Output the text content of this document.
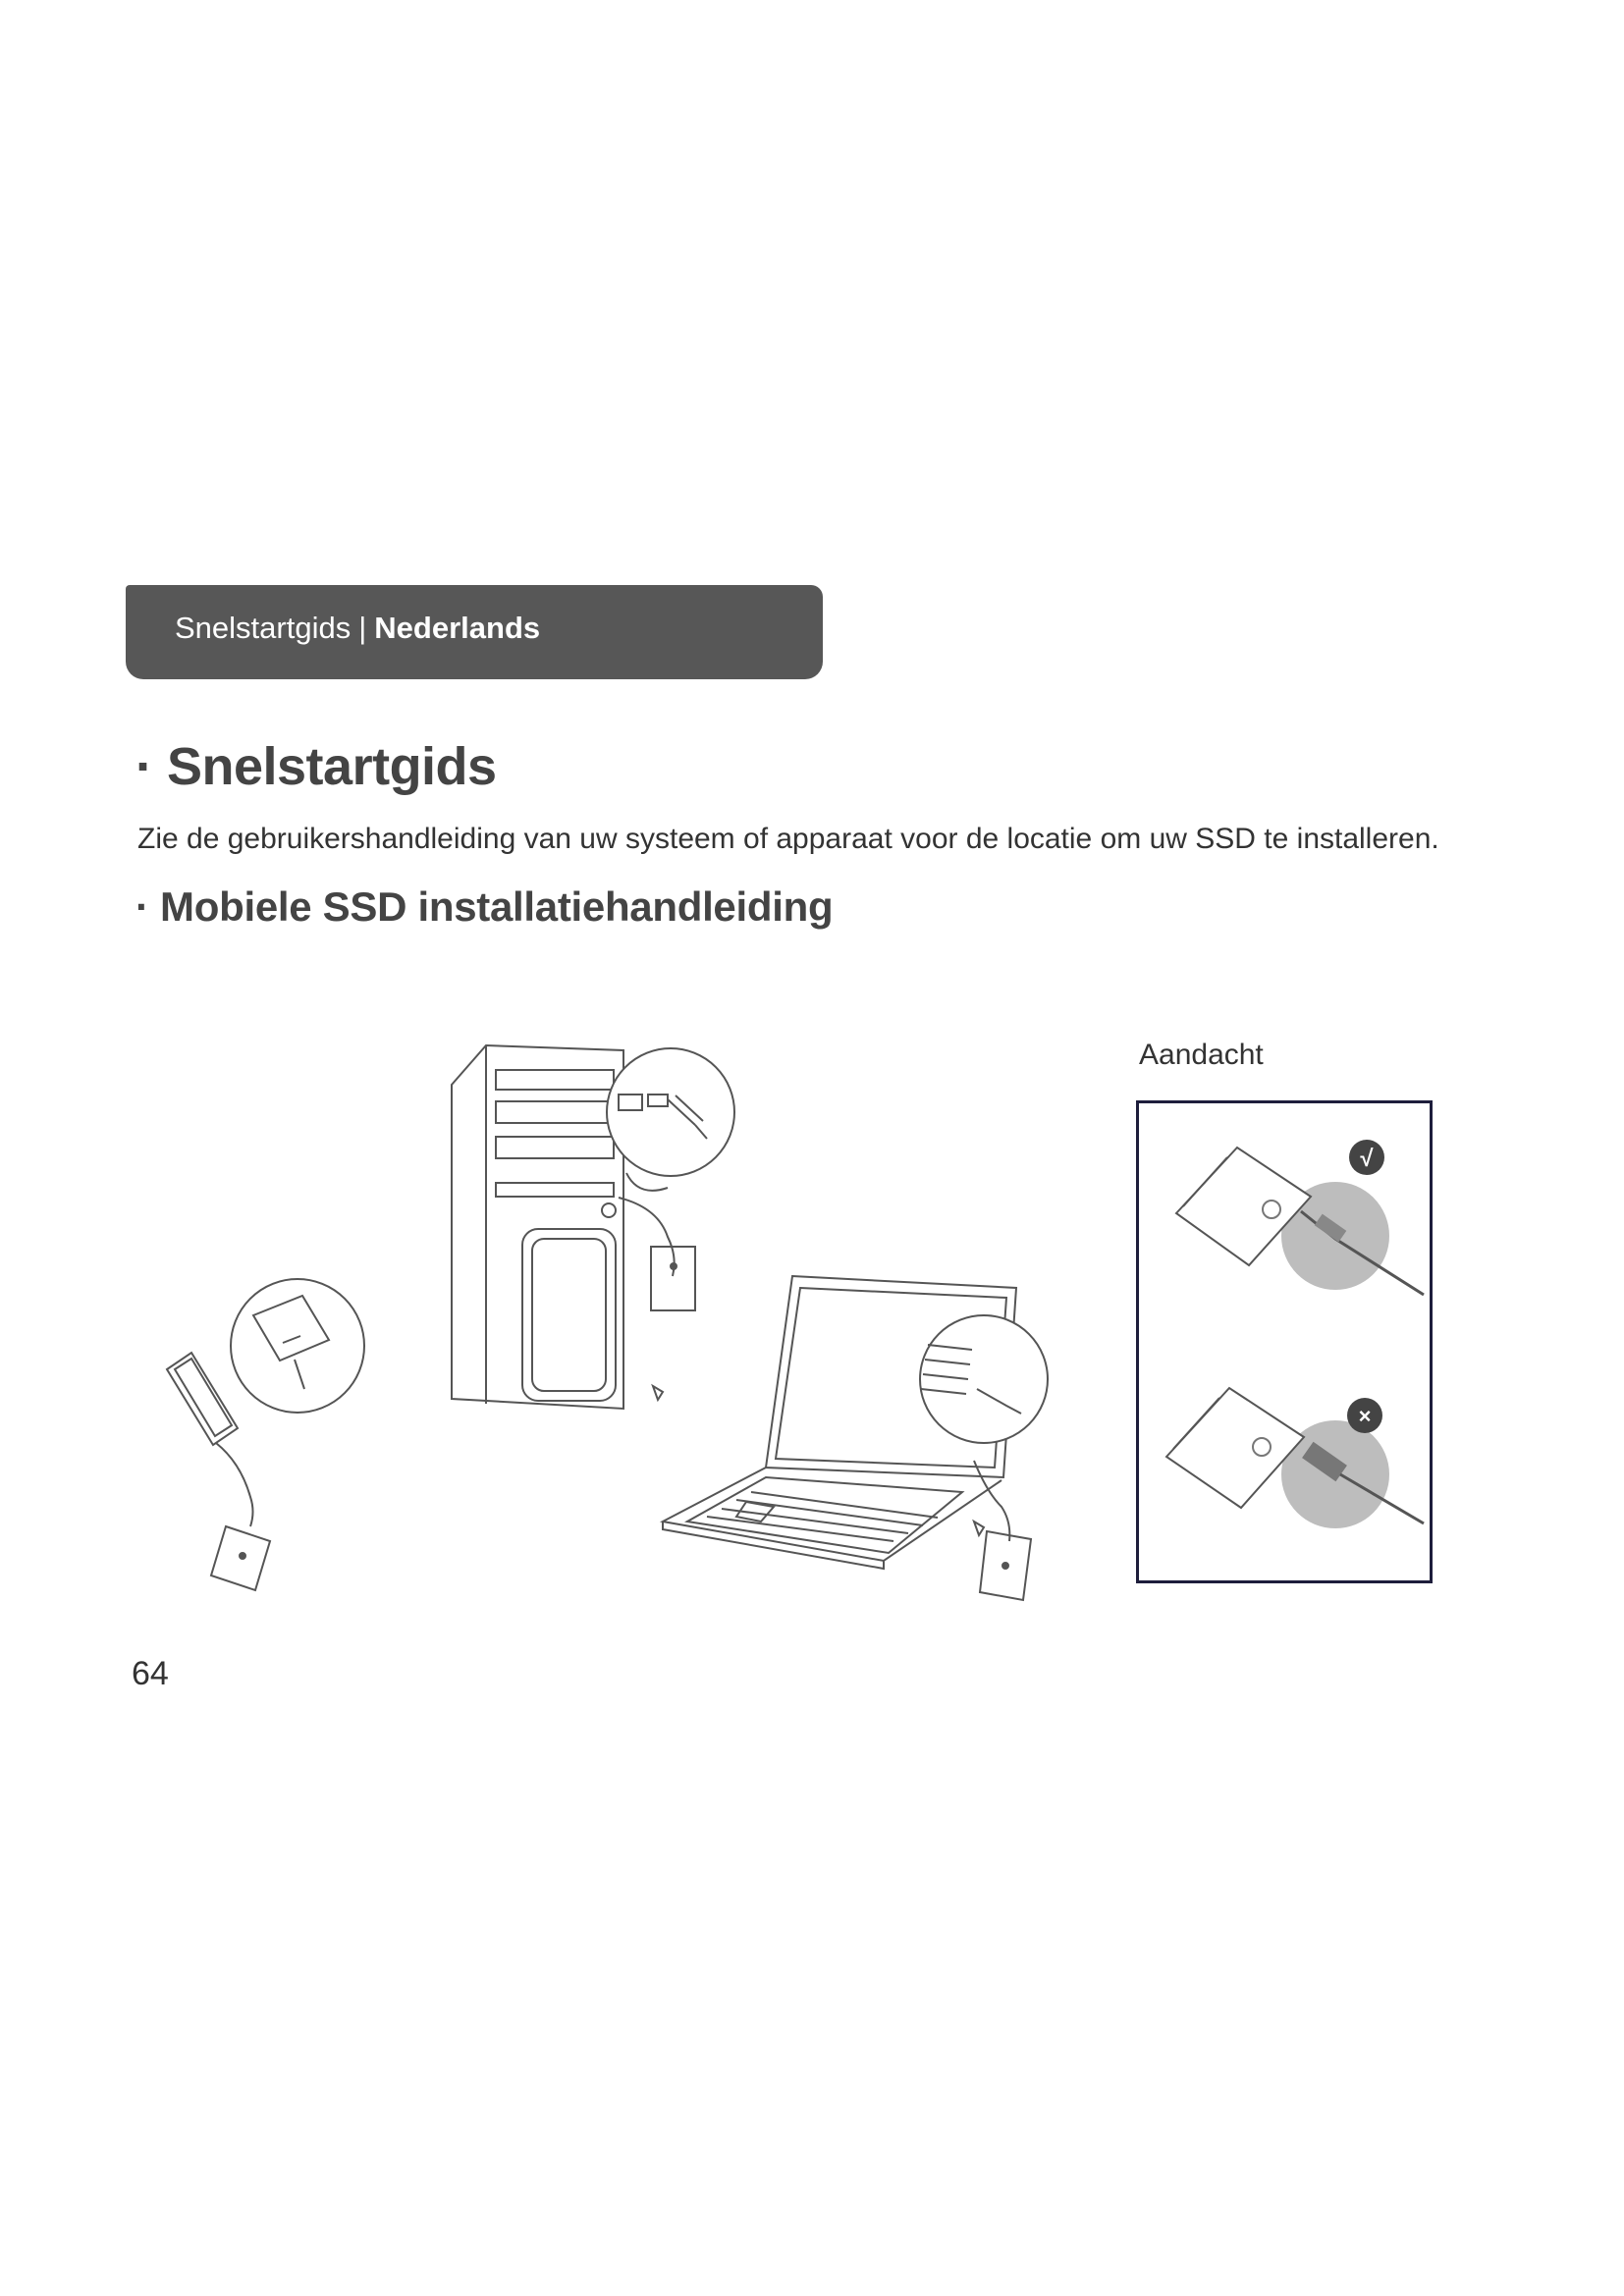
Snelstartgids | Nederlands
· Snelstartgids
Zie de gebruikershandleiding van uw systeem of apparaat voor de locatie om uw SSD te installeren.
· Mobiele SSD installatiehandleiding
Aandacht
√
×
64
